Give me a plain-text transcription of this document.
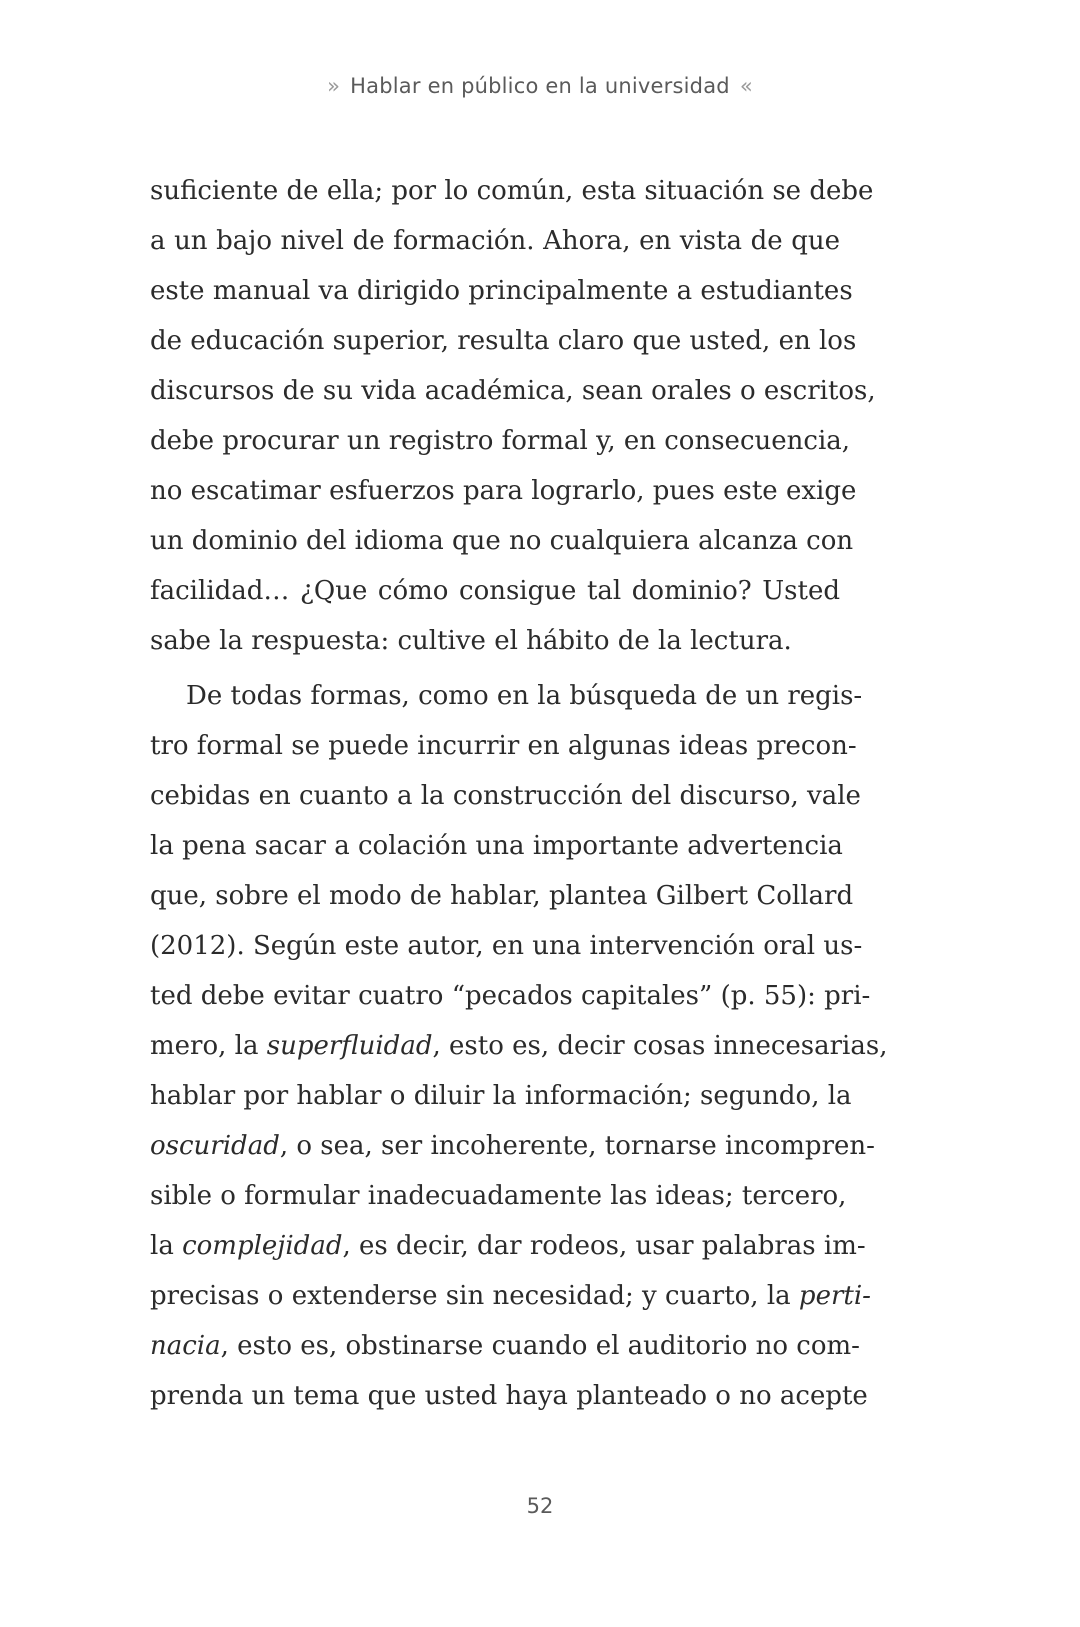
» Hablar en público en la universidad «
suficiente de ella; por lo común, esta situación se debe
a un bajo nivel de formación. Ahora, en vista de que
este manual va dirigido principalmente a estudiantes
de educación superior, resulta claro que usted, en los
discursos de su vida académica, sean orales o escritos,
debe procurar un registro formal y, en consecuencia,
no escatimar esfuerzos para lograrlo, pues este exige
un dominio del idioma que no cualquiera alcanza con
facilidad… ¿Que cómo consigue tal dominio? Usted
sabe la respuesta: cultive el hábito de la lectura.
De todas formas, como en la búsqueda de un regis-
tro formal se puede incurrir en algunas ideas precon-
cebidas en cuanto a la construcción del discurso, vale
la pena sacar a colación una importante advertencia
que, sobre el modo de hablar, plantea Gilbert Collard
(2012). Según este autor, en una intervención oral us-
ted debe evitar cuatro “pecados capitales” (p. 55): pri-
mero, la superfluidad, esto es, decir cosas innecesarias,
hablar por hablar o diluir la información; segundo, la
oscuridad, o sea, ser incoherente, tornarse incompren-
sible o formular inadecuadamente las ideas; tercero,
la complejidad, es decir, dar rodeos, usar palabras im-
precisas o extenderse sin necesidad; y cuarto, la perti-
nacia, esto es, obstinarse cuando el auditorio no com-
prenda un tema que usted haya planteado o no acepte
52
